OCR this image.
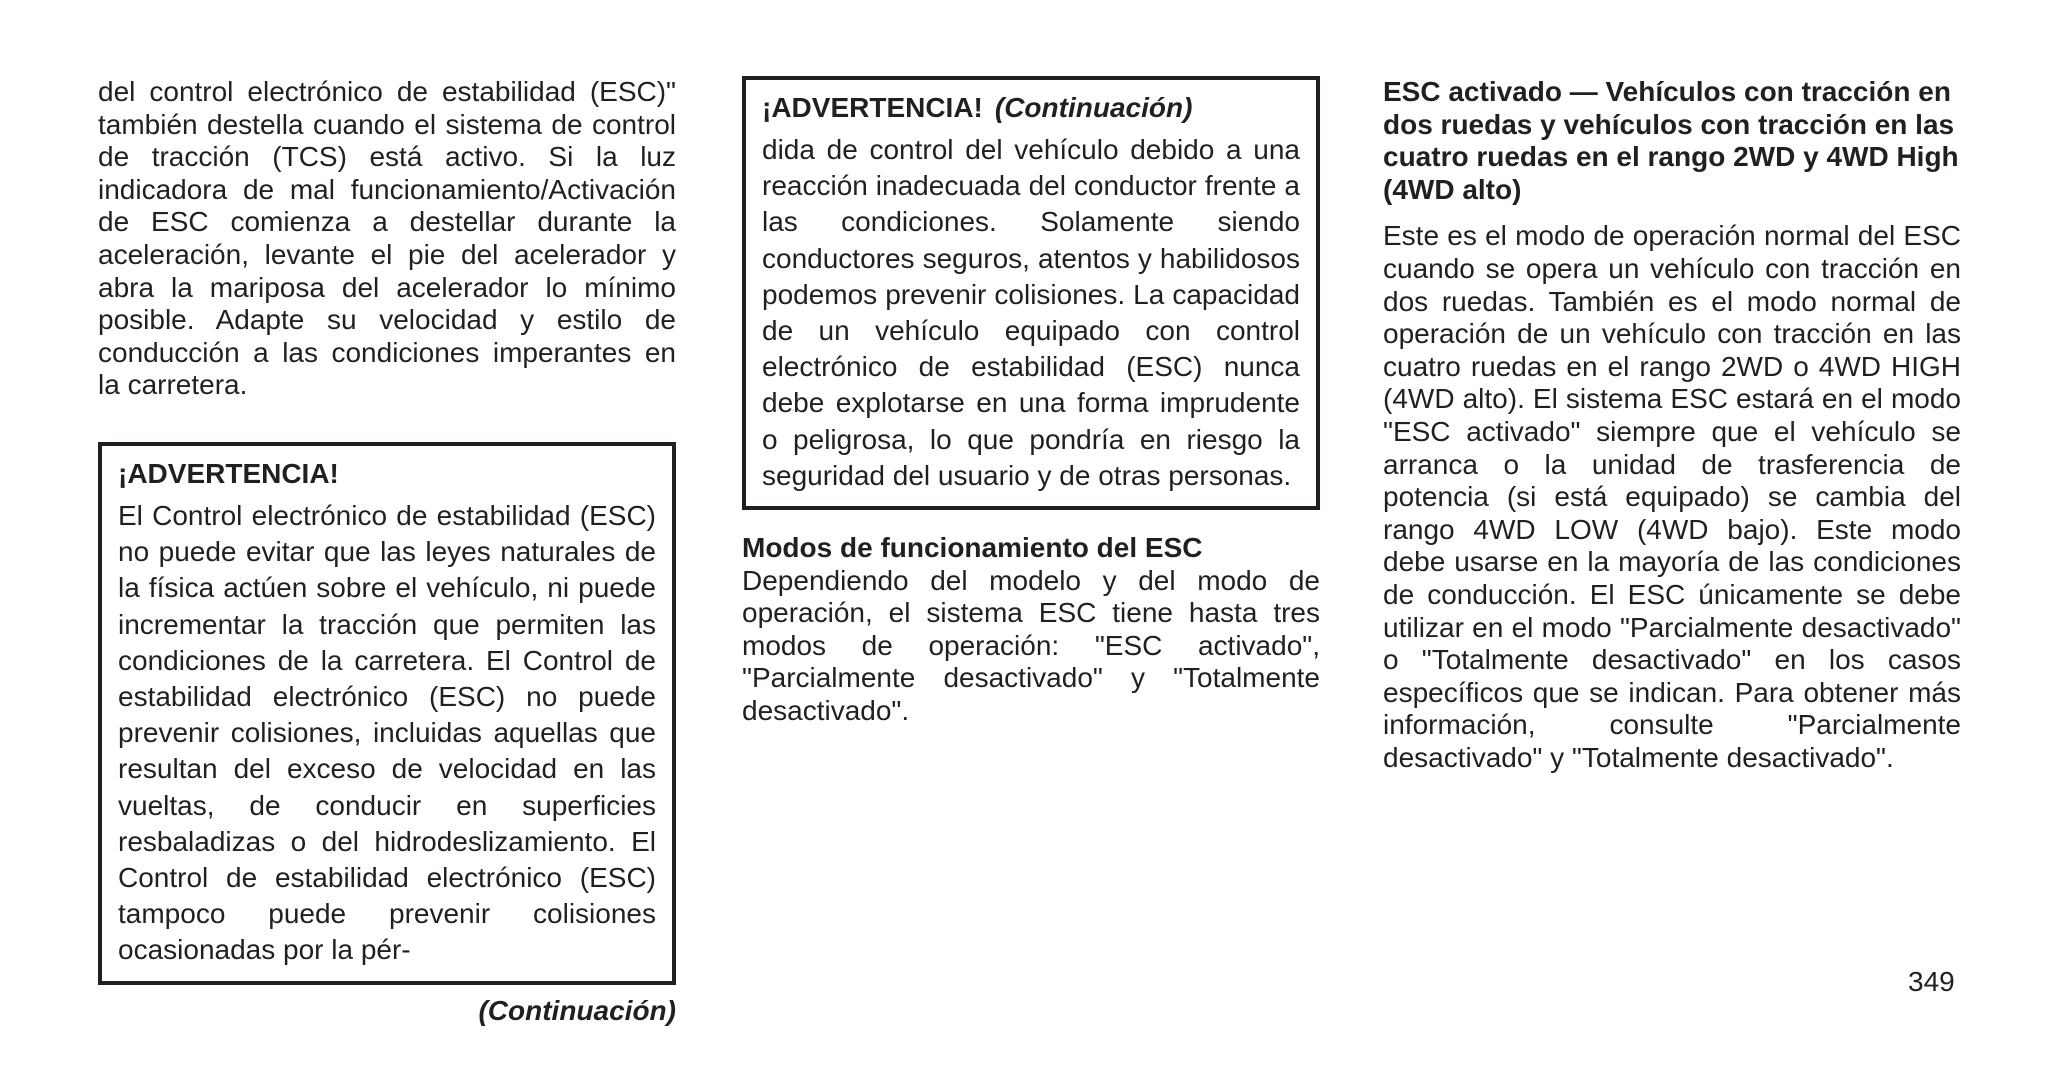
del control electrónico de estabilidad (ESC)" también destella cuando el sistema de control de tracción (TCS) está activo. Si la luz indicadora de mal funcionamiento/Activación de ESC comienza a destellar durante la aceleración, levante el pie del acelerador y abra la mariposa del acelerador lo mínimo posible. Adapte su velocidad y estilo de conducción a las condiciones imperantes en la carretera.

¡ADVERTENCIA!

El Control electrónico de estabilidad (ESC) no puede evitar que las leyes naturales de la física actúen sobre el vehículo, ni puede incrementar la tracción que permiten las condiciones de la carretera. El Control de estabilidad electrónico (ESC) no puede prevenir colisiones, incluidas aquellas que resultan del exceso de velocidad en las vueltas, de conducir en superficies resbaladizas o del hidrodeslizamiento. El Control de estabilidad electrónico (ESC) tampoco puede prevenir colisiones ocasionadas por la pér-

(Continuación)

¡ADVERTENCIA! (Continuación)

dida de control del vehículo debido a una reacción inadecuada del conductor frente a las condiciones. Solamente siendo conductores seguros, atentos y habilidosos podemos prevenir colisiones. La capacidad de un vehículo equipado con control electrónico de estabilidad (ESC) nunca debe explotarse en una forma imprudente o peligrosa, lo que pondría en riesgo la seguridad del usuario y de otras personas.

Modos de funcionamiento del ESC

Dependiendo del modelo y del modo de operación, el sistema ESC tiene hasta tres modos de operación: "ESC activado", "Parcialmente desactivado" y "Totalmente desactivado".

ESC activado — Vehículos con tracción en dos ruedas y vehículos con tracción en las cuatro ruedas en el rango 2WD y 4WD High (4WD alto)

Este es el modo de operación normal del ESC cuando se opera un vehículo con tracción en dos ruedas. También es el modo normal de operación de un vehículo con tracción en las cuatro ruedas en el rango 2WD o 4WD HIGH (4WD alto). El sistema ESC estará en el modo "ESC activado" siempre que el vehículo se arranca o la unidad de trasferencia de potencia (si está equipado) se cambia del rango 4WD LOW (4WD bajo). Este modo debe usarse en la mayoría de las condiciones de conducción. El ESC únicamente se debe utilizar en el modo "Parcialmente desactivado" o "Totalmente desactivado" en los casos específicos que se indican. Para obtener más información, consulte "Parcialmente desactivado" y "Totalmente desactivado".

349
